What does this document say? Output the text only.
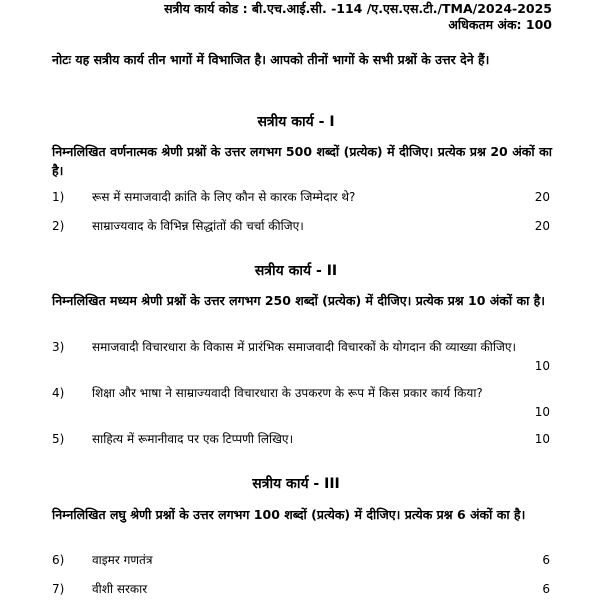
सत्रीय कार्य कोड : बी.एच.आई.सी. -114 /ए.एस.एस.टी./TMA/2024-2025
अधिकतम अंक: 100
नोटः यह सत्रीय कार्य तीन भागों में विभाजित है। आपको तीनों भागों के सभी प्रश्नों के उत्तर देने हैं।
सत्रीय कार्य - I
निम्नलिखित वर्णनात्मक श्रेणी प्रश्नों के उत्तर लगभग 500 शब्दों (प्रत्येक) में दीजिए। प्रत्येक प्रश्न 20 अंकों का है।
1) रूस में समाजवादी क्रांति के लिए कौन से कारक जिम्मेदार थे?	20
2) साम्राज्यवाद के विभिन्न सिद्धांतों की चर्चा कीजिए।	20
सत्रीय कार्य - II
निम्नलिखित मध्यम श्रेणी प्रश्नों के उत्तर लगभग 250 शब्दों (प्रत्येक) में दीजिए। प्रत्येक प्रश्न 10 अंकों का है।
3) समाजवादी विचारधारा के विकास में प्रारंभिक समाजवादी विचारकों के योगदान की व्याख्या कीजिए।
10
4) शिक्षा और भाषा ने साम्राज्यवादी विचारधारा के उपकरण के रूप में किस प्रकार कार्य किया?
10
5) साहित्य में रूमानीवाद पर एक टिप्पणी लिखिए।	10
सत्रीय कार्य - III
निम्नलिखित लघु श्रेणी प्रश्नों के उत्तर लगभग 100 शब्दों (प्रत्येक) में दीजिए। प्रत्येक प्रश्न 6 अंकों का है।
6) वाइमर गणतंत्र	6
7) वीशी सरकार	6
